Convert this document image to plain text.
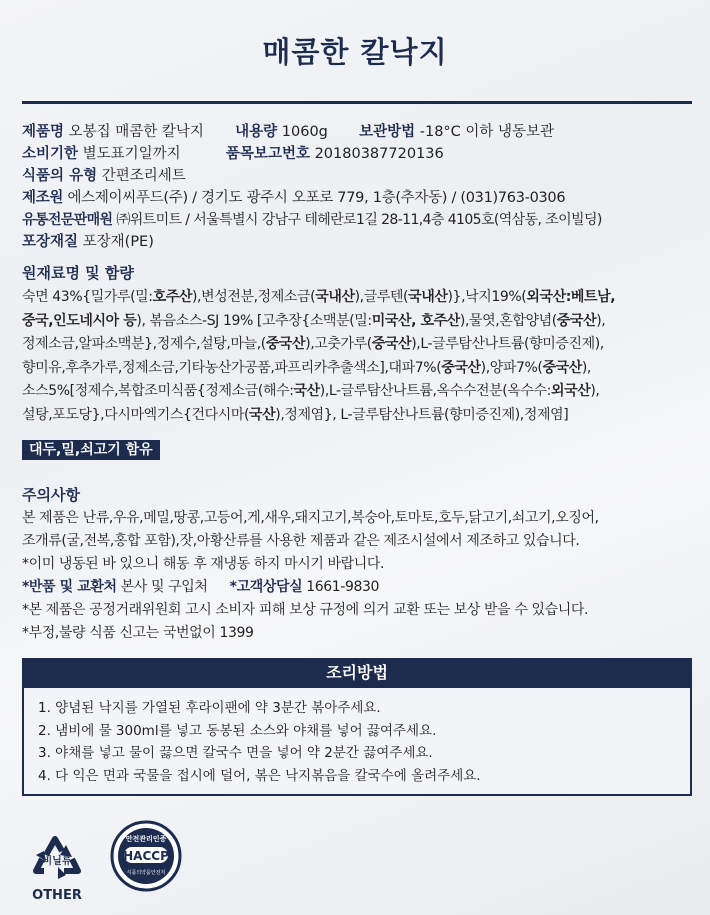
매콤한 칼낙지
제품명 오봉집 매콤한 칼낙지 내용량 1060g 보관방법 -18°C 이하 냉동보관
소비기한 별도표기일까지	품목보고번호 20180387720136
식품의 유형 간편조리세트
제조원 에스제이씨푸드(주) / 경기도 광주시 오포로 779, 1층(추자동) / (031)763-0306
유통전문판매원 ㈜위트미트 / 서울특별시 강남구 테헤란로1길 28-11,4층 4105호(역삼동, 조이빌딩)
포장재질 포장재(PE)
원재료명 및 함량
숙면 43%{밀가루(밀:호주산),변성전분,정제소금(국내산),글루텐(국내산)},낙지19%(외국산:베트남,
중국,인도네시아 등), 볶음소스-SJ 19% [고추장{소맥분(밀:미국산, 호주산),물엿,혼합양념(중국산),
정제소금,알파소맥분},정제수,설탕,마늘,(중국산),고춧가루(중국산),L-글루탐산나트륨(향미증진제),
향미유,후추가루,정제소금,기타농산가공품,파프리카추출색소],대파7%(중국산),양파7%(중국산),
소스5%[정제수,복합조미식품{정제소금(해수:국산),L-글루탐산나트륨,옥수수전분(옥수수:외국산),
설탕,포도당},다시마엑기스{건다시마(국산),정제염}, L-글루탐산나트륨(향미증진제),정제염]
대두,밀,쇠고기 함유
주의사항
본 제품은 난류,우유,메밀,땅콩,고등어,게,새우,돼지고기,복숭아,토마토,호두,닭고기,쇠고기,오징어,
조개류(굴,전복,홍합 포함),잣,아황산류를 사용한 제품과 같은 제조시설에서 제조하고 있습니다.
*이미 냉동된 바 있으니 해동 후 재냉동 하지 마시기 바랍니다.
*반품 및 교환처 본사 및 구입처 *고객상담실 1661-9830
*본 제품은 공정거래위원회 고시 소비자 피해 보상 규정에 의거 교환 또는 보상 받을 수 있습니다.
*부정,불량 식품 신고는 국번없이 1399
조리방법
1. 양념된 낙지를 가열된 후라이팬에 약 3분간 볶아주세요.
2. 냄비에 물 300ml를 넣고 동봉된 소스와 야채를 넣어 끓여주세요.
3. 야채를 넣고 물이 끓으면 칼국수 면을 넣어 약 2분간 끓여주세요.
4. 다 익은 면과 국물을 접시에 덜어, 볶은 낙지볶음을 칼국수에 올려주세요.
비닐류
OTHER
안전관리인증
HACCP
식품의약품안전처
